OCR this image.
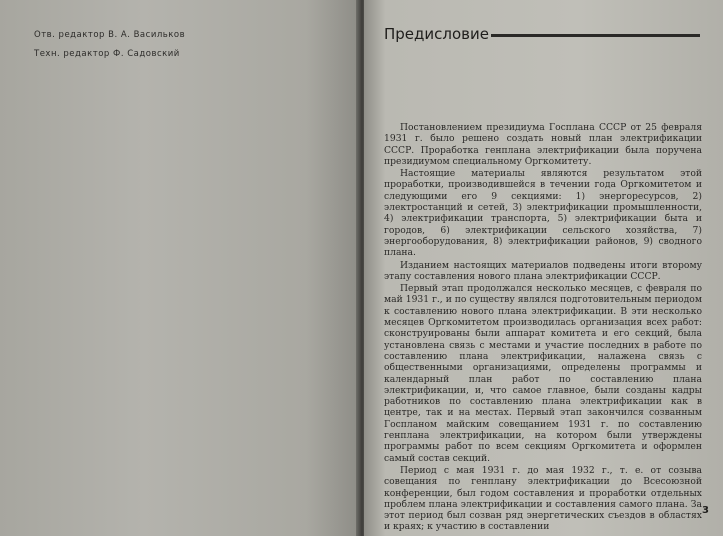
Отв. редактор В. А. Васильков
Техн. редактор Ф. Садовский
Предисловие

Постановлением президиума Госплана СССР от 25 февраля 1931 г. было решено создать новый план электрификации СССР. Проработка генплана электрификации была поручена президиумом специальному Оргкомитету.

Настоящие материалы являются результатом этой проработки, производившейся в течении года Оргкомитетом и следующими его 9 секциями: 1) энергоресурсов, 2) электростанций и сетей, 3) электрификации промышленности, 4) электрификации транспорта, 5) электрификации быта и городов, 6) электрификации сельского хозяйства, 7) энергооборудования, 8) электрификации районов, 9) сводного плана.

Изданием настоящих материалов подведены итоги второму этапу составления нового плана электрификации СССР.

Первый этап продолжался несколько месяцев, с февраля по май 1931 г., и по существу являлся подготовительным периодом к составлению нового плана электрификации. В эти несколько месяцев Оргкомитетом производилась организация всех работ: сконструированы были аппарат комитета и его секций, была установлена связь с местами и участие последних в работе по составлению плана электрификации, налажена связь с общественными организациями, определены программы и календарный план работ по составлению плана электрификации, и, что самое главное, были созданы кадры работников по составлению плана электрификации как в центре, так и на местах. Первый этап закончился созванным Госпланом майским совещанием 1931 г. по составлению генплана электрификации, на котором были утверждены программы работ по всем секциям Оргкомитета и оформлен самый состав секций.

Период с мая 1931 г. до мая 1932 г., т. е. от созыва совещания по генплану электрификации до Всесоюзной конференции, был годом составления и проработки отдельных проблем плана электрификации и составления самого плана. За этот период был созван ряд энергетических съездов в областях и краях; к участию в составлении

3
